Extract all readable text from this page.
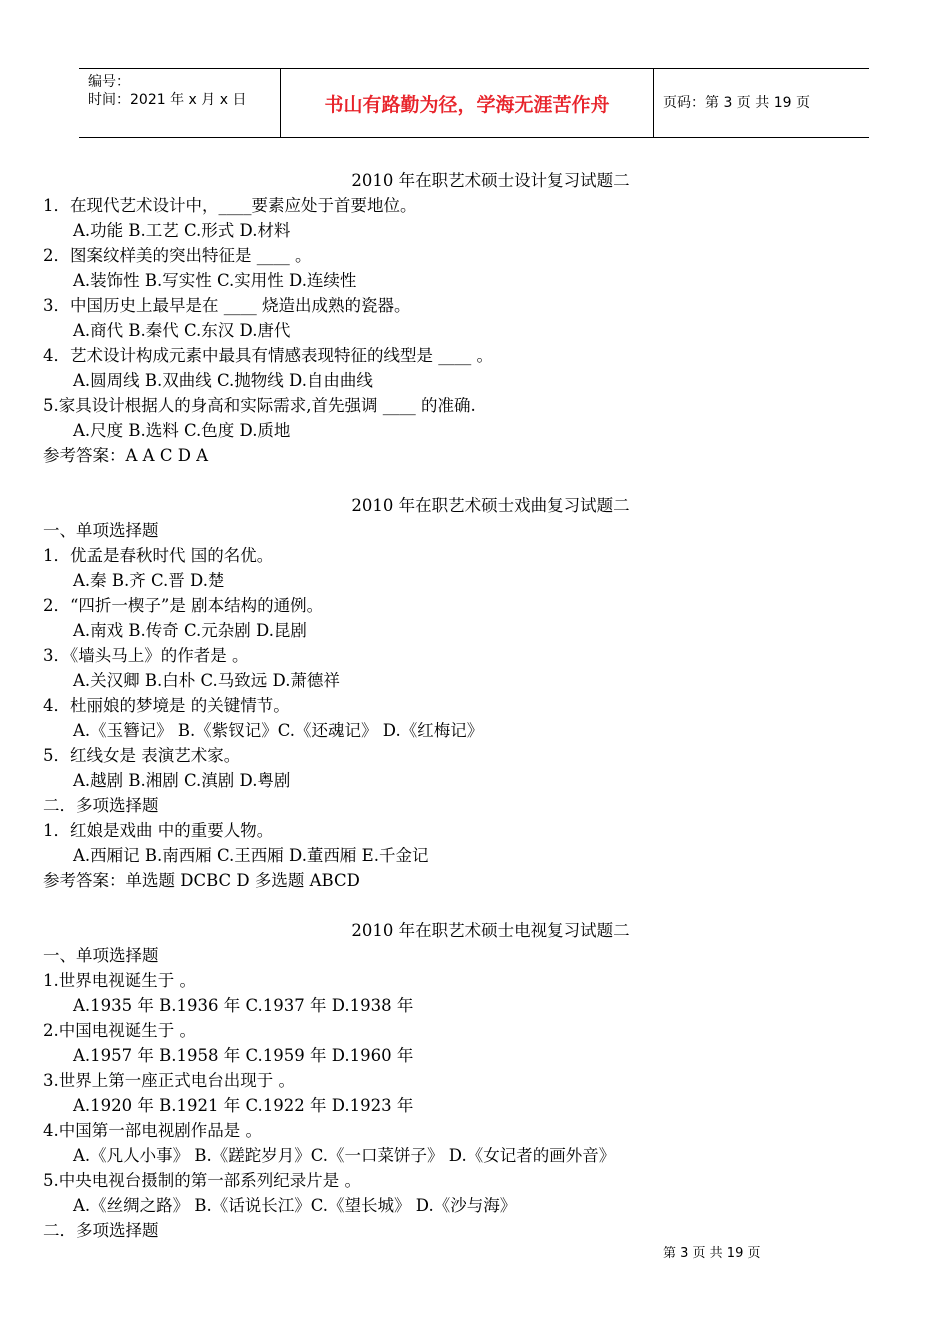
编号：
时间：2021 年 x 月 x 日	书山有路勤为径，学海无涯苦作舟	页码：第 3 页 共 19 页
2010 年在职艺术硕士设计复习试题二
1．在现代艺术设计中，____要素应处于首要地位。
A.功能 B.工艺 C.形式 D.材料
2．图案纹样美的突出特征是 ____ 。
A.装饰性 B.写实性 C.实用性 D.连续性
3．中国历史上最早是在 ____ 烧造出成熟的瓷器。
A.商代 B.秦代 C.东汉 D.唐代
4．艺术设计构成元素中最具有情感表现特征的线型是 ____ 。
A.圆周线 B.双曲线 C.抛物线 D.自由曲线
5.家具设计根据人的身高和实际需求,首先强调 ____ 的准确.
A.尺度 B.选料 C.色度 D.质地
参考答案：A A C D A
2010 年在职艺术硕士戏曲复习试题二
一、单项选择题
1．优孟是春秋时代 国的名优。
A.秦 B.齐 C.晋 D.楚
2．“四折一楔子”是 剧本结构的通例。
A.南戏 B.传奇 C.元杂剧 D.昆剧
3．《墙头马上》的作者是 。
A.关汉卿 B.白朴 C.马致远 D.萧德祥
4．杜丽娘的梦境是 的关键情节。
A.《玉簪记》 B.《紫钗记》C.《还魂记》 D.《红梅记》
5．红线女是 表演艺术家。
A.越剧 B.湘剧 C.滇剧 D.粤剧
二．多项选择题
1．红娘是戏曲 中的重要人物。
A.西厢记 B.南西厢 C.王西厢 D.董西厢 E.千金记
参考答案：单选题 DCBC D 多选题 ABCD
2010 年在职艺术硕士电视复习试题二
一、单项选择题
1.世界电视诞生于 。
A.1935 年 B.1936 年 C.1937 年 D.1938 年
2.中国电视诞生于 。
A.1957 年 B.1958 年 C.1959 年 D.1960 年
3.世界上第一座正式电台出现于 。
A.1920 年 B.1921 年 C.1922 年 D.1923 年
4.中国第一部电视剧作品是 。
A.《凡人小事》 B.《蹉跎岁月》C.《一口菜饼子》 D.《女记者的画外音》
5.中央电视台摄制的第一部系列纪录片是 。
A.《丝绸之路》 B.《话说长江》C.《望长城》 D.《沙与海》
二．多项选择题
第 3 页 共 19 页
